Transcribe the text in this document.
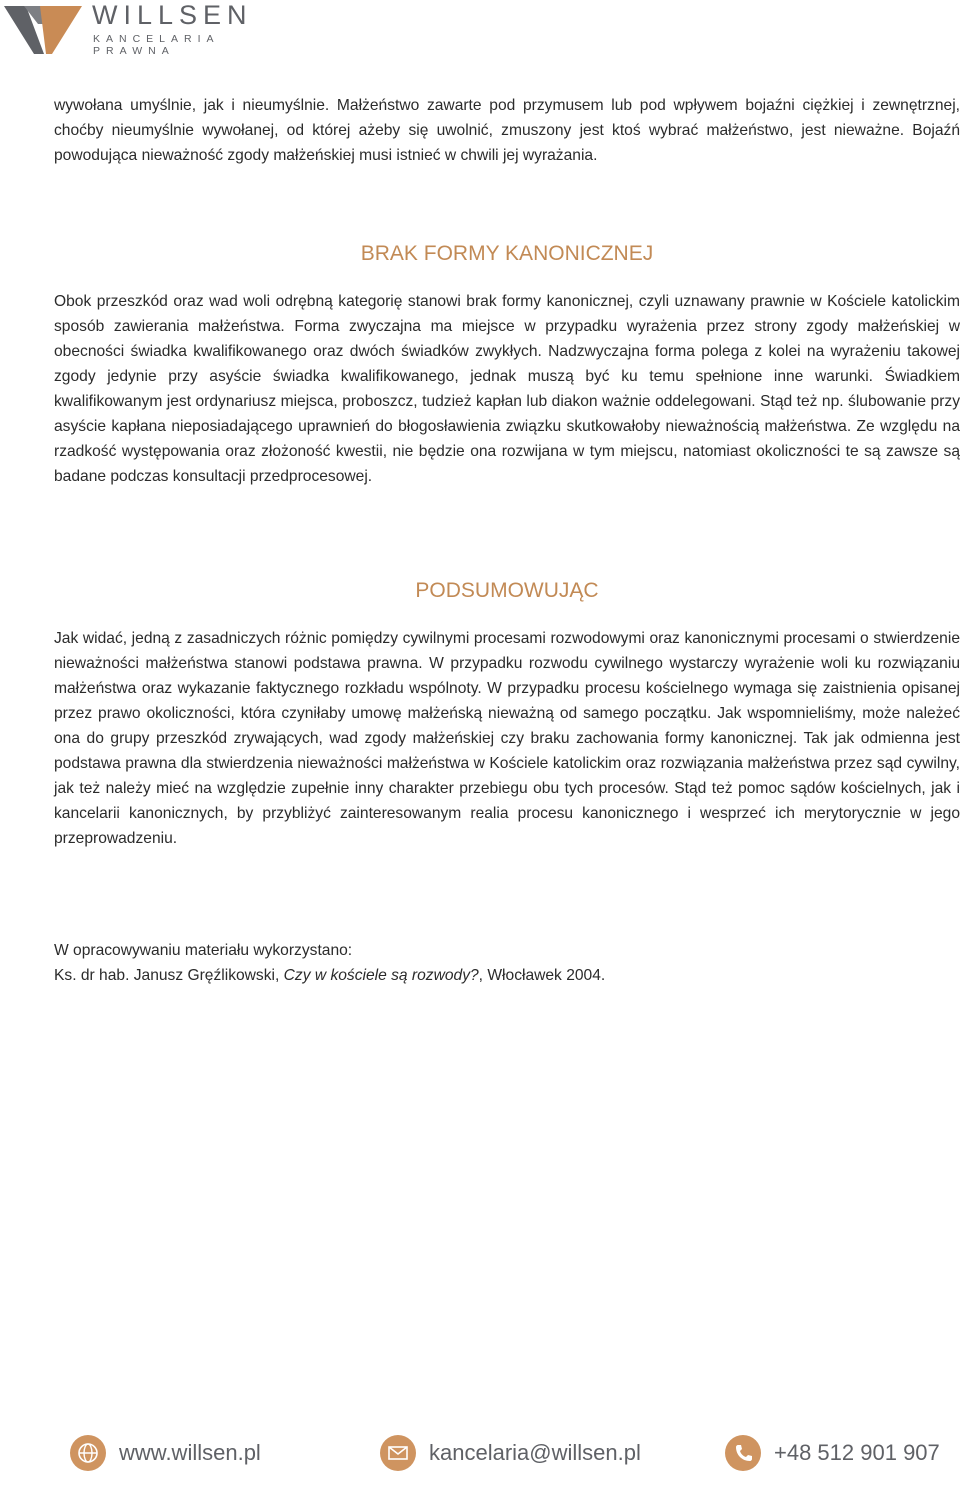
WILLSEN
KANCELARIA
PRAWNA

wywołana umyślnie, jak i nieumyślnie. Małżeństwo zawarte pod przymusem lub pod wpływem bojaźni ciężkiej i zewnętrznej, choćby nieumyślnie wywołanej, od której ażeby się uwolnić, zmuszony jest ktoś wybrać małżeństwo, jest nieważne. Bojaźń powodująca nieważność zgody małżeńskiej musi istnieć w chwili jej wyrażania.

BRAK FORMY KANONICZNEJ

Obok przeszkód oraz wad woli odrębną kategorię stanowi brak formy kanonicznej, czyli uznawany prawnie w Kościele katolickim sposób zawierania małżeństwa. Forma zwyczajna ma miejsce w przypadku wyrażenia przez strony zgody małżeńskiej w obecności świadka kwalifikowanego oraz dwóch świadków zwykłych. Nadzwyczajna forma polega z kolei na wyrażeniu takowej zgody jedynie przy asyście świadka kwalifikowanego, jednak muszą być ku temu spełnione inne warunki. Świadkiem kwalifikowanym jest ordynariusz miejsca, proboszcz, tudzież kapłan lub diakon ważnie oddelegowani. Stąd też np. ślubowanie przy asyście kapłana nieposiadającego uprawnień do błogosławienia związku skutkowałoby nieważnością małżeństwa. Ze względu na rzadkość występowania oraz złożoność kwestii, nie będzie ona rozwijana w tym miejscu, natomiast okoliczności te są zawsze są badane podczas konsultacji przedprocesowej.

PODSUMOWUJĄC

Jak widać, jedną z zasadniczych różnic pomiędzy cywilnymi procesami rozwodowymi oraz kanonicznymi procesami o stwierdzenie nieważności małżeństwa stanowi podstawa prawna. W przypadku rozwodu cywilnego wystarczy wyrażenie woli ku rozwiązaniu małżeństwa oraz wykazanie faktycznego rozkładu wspólnoty. W przypadku procesu kościelnego wymaga się zaistnienia opisanej przez prawo okoliczności, która czyniłaby umowę małżeńską nieważną od samego początku. Jak wspomnieliśmy, może należeć ona do grupy przeszkód zrywających, wad zgody małżeńskiej czy braku zachowania formy kanonicznej. Tak jak odmienna jest podstawa prawna dla stwierdzenia nieważności małżeństwa w Kościele katolickim oraz rozwiązania małżeństwa przez sąd cywilny, jak też należy mieć na względzie zupełnie inny charakter przebiegu obu tych procesów. Stąd też pomoc sądów kościelnych, jak i kancelarii kanonicznych, by przybliżyć zainteresowanym realia procesu kanonicznego i wesprzeć ich merytorycznie w jego przeprowadzeniu.

W opracowywaniu materiału wykorzystano:
Ks. dr hab. Janusz Gręźlikowski, Czy w kościele są rozwody?, Włocławek 2004.
www.willsen.pl	kancelaria@willsen.pl	+48 512 901 907
